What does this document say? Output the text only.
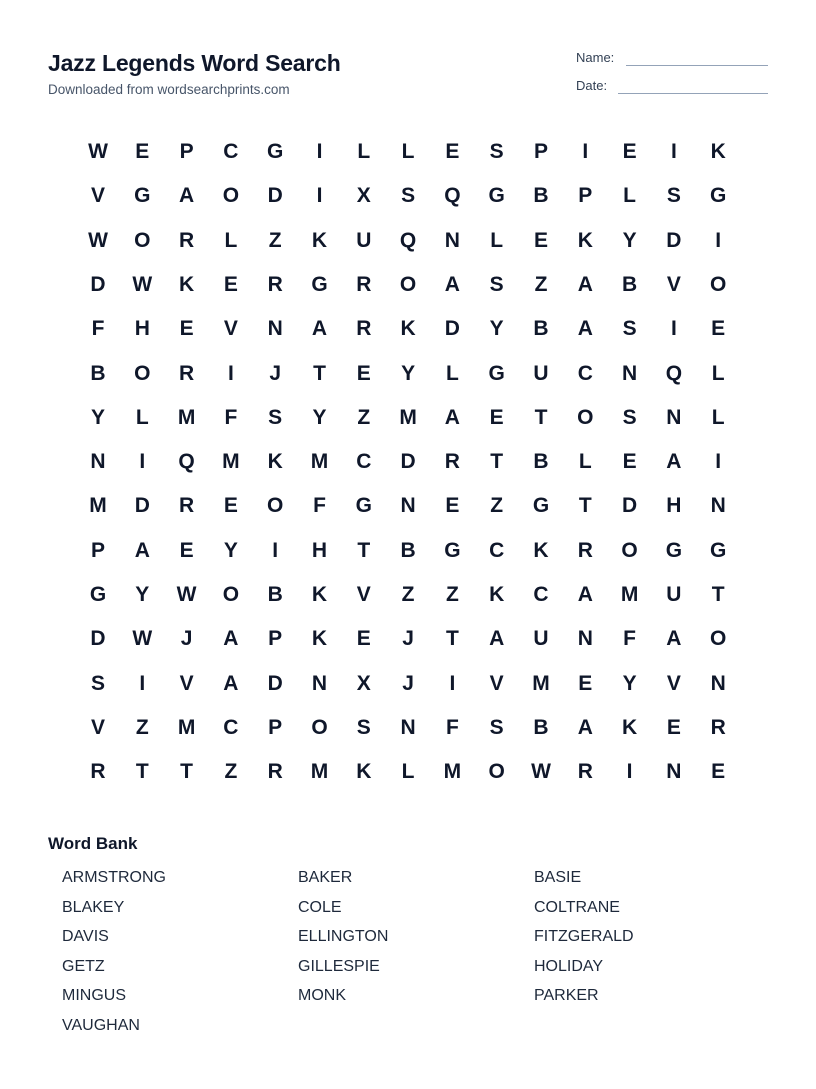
Jazz Legends Word Search
Downloaded from wordsearchprints.com
Name:
Date:
W	E	P	C	G	I	L	L	E	S	P	I	E	I	K
V	G	A	O	D	I	X	S	Q	G	B	P	L	S	G
W	O	R	L	Z	K	U	Q	N	L	E	K	Y	D	I
D	W	K	E	R	G	R	O	A	S	Z	A	B	V	O
F	H	E	V	N	A	R	K	D	Y	B	A	S	I	E
B	O	R	I	J	T	E	Y	L	G	U	C	N	Q	L
Y	L	M	F	S	Y	Z	M	A	E	T	O	S	N	L
N	I	Q	M	K	M	C	D	R	T	B	L	E	A	I
M	D	R	E	O	F	G	N	E	Z	G	T	D	H	N
P	A	E	Y	I	H	T	B	G	C	K	R	O	G	G
G	Y	W	O	B	K	V	Z	Z	K	C	A	M	U	T
D	W	J	A	P	K	E	J	T	A	U	N	F	A	O
S	I	V	A	D	N	X	J	I	V	M	E	Y	V	N
V	Z	M	C	P	O	S	N	F	S	B	A	K	E	R
R	T	T	Z	R	M	K	L	M	O	W	R	I	N	E
Word Bank
ARMSTRONG	BAKER	BASIE
BLAKEY	COLE	COLTRANE
DAVIS	ELLINGTON	FITZGERALD
GETZ	GILLESPIE	HOLIDAY
MINGUS	MONK	PARKER
VAUGHAN
